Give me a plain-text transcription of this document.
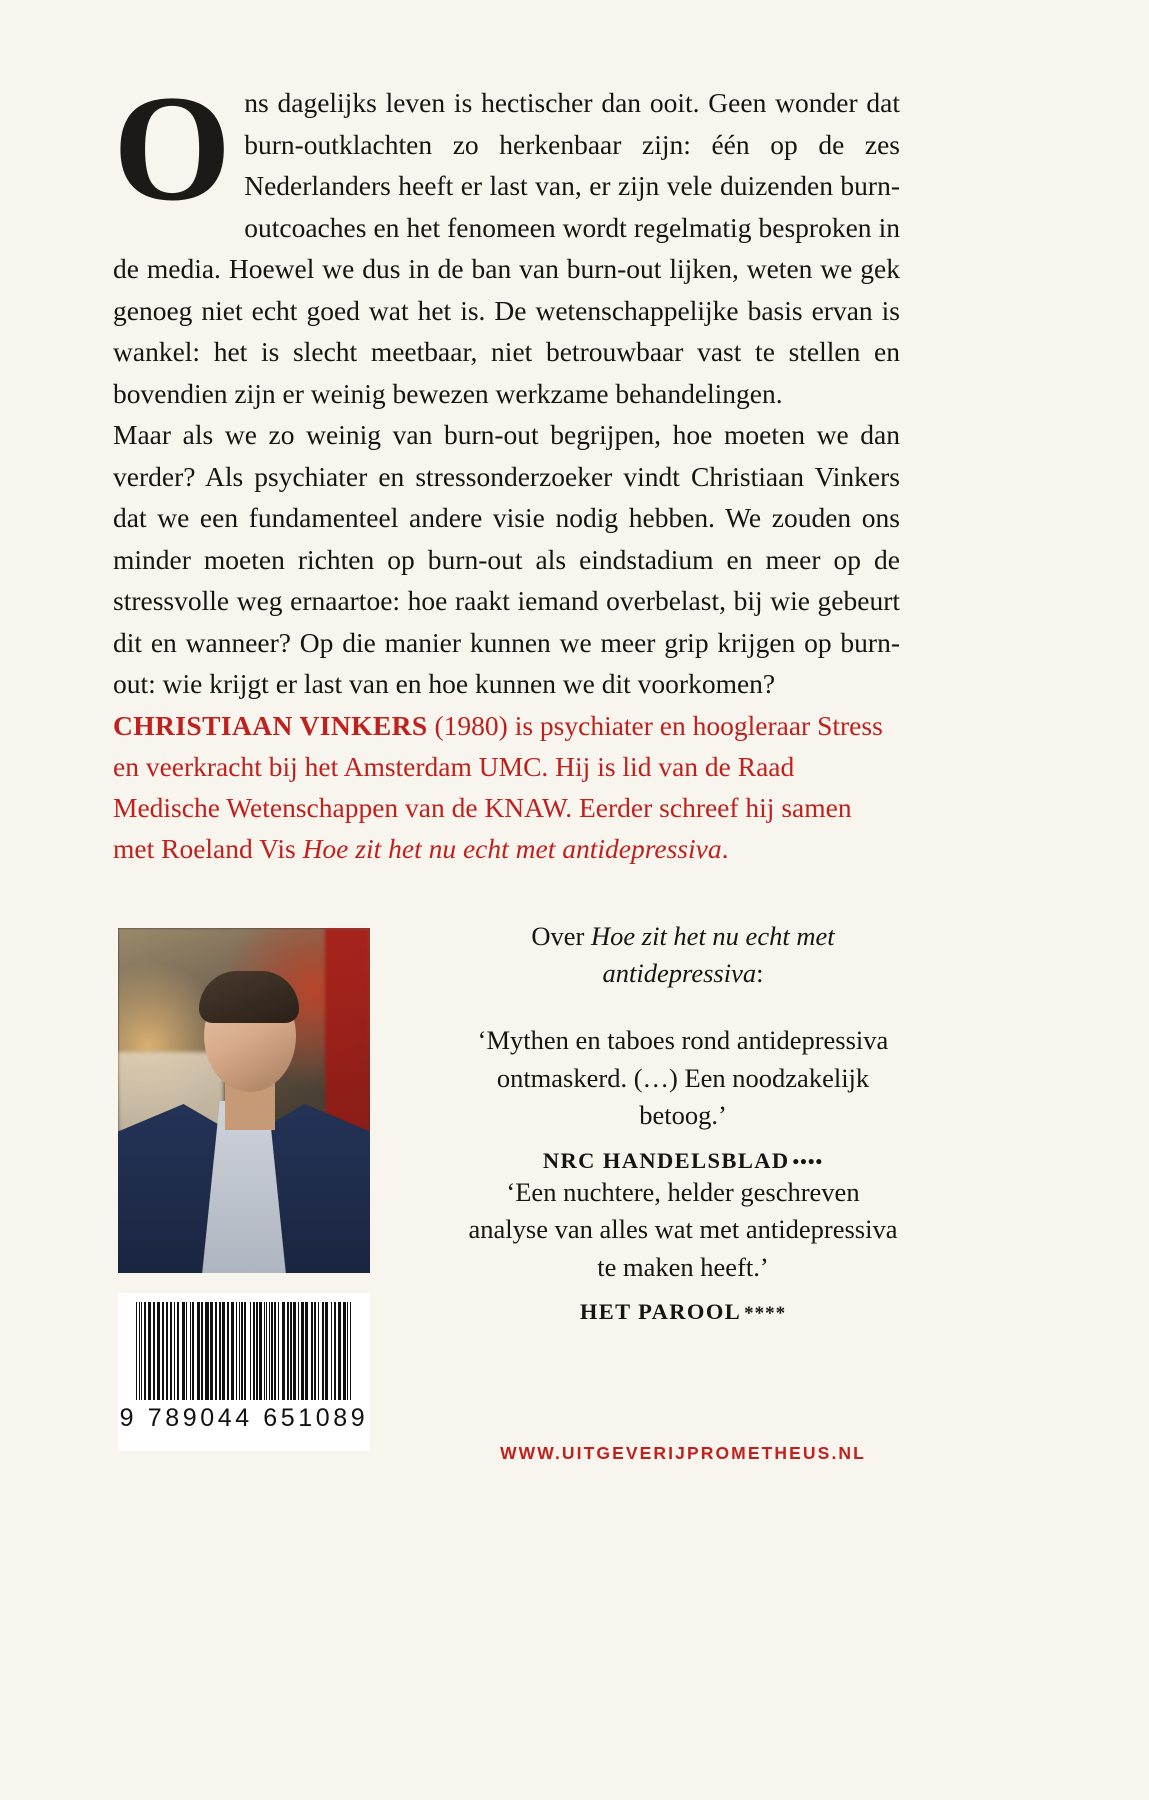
O ns dagelijks leven is hectischer dan ooit. Geen wonder dat burn-outklachten zo herkenbaar zijn: één op de zes Nederlanders heeft er last van, er zijn vele duizenden burn-outcoaches en het fenomeen wordt regelmatig besproken in de media. Hoewel we dus in de ban van burn-out lijken, weten we gek genoeg niet echt goed wat het is. De wetenschappelijke basis ervan is wankel: het is slecht meetbaar, niet betrouwbaar vast te stellen en bovendien zijn er weinig bewezen werkzame behandelingen.

Maar als we zo weinig van burn-out begrijpen, hoe moeten we dan verder? Als psychiater en stressonderzoeker vindt Christiaan Vinkers dat we een fundamenteel andere visie nodig hebben. We zouden ons minder moeten richten op burn-out als eindstadium en meer op de stressvolle weg ernaartoe: hoe raakt iemand overbelast, bij wie gebeurt dit en wanneer? Op die manier kunnen we meer grip krijgen op burn-out: wie krijgt er last van en hoe kunnen we dit voorkomen?

CHRISTIAAN VINKERS (1980) is psychiater en hoogleraar Stress en veerkracht bij het Amsterdam UMC. Hij is lid van de Raad Medische Wetenschappen van de KNAW. Eerder schreef hij samen met Roeland Vis Hoe zit het nu echt met antidepressiva.
9 789044 651089
Over Hoe zit het nu echt met antidepressiva:
‘Mythen en taboes rond antidepressiva ontmaskerd. (…) Een noodzakelijk betoog.’
NRC HANDELSBLAD ••••
‘Een nuchtere, helder geschreven analyse van alles wat met antidepressiva te maken heeft.’
HET PAROOL ****
WWW.UITGEVERIJPROMETHEUS.NL
